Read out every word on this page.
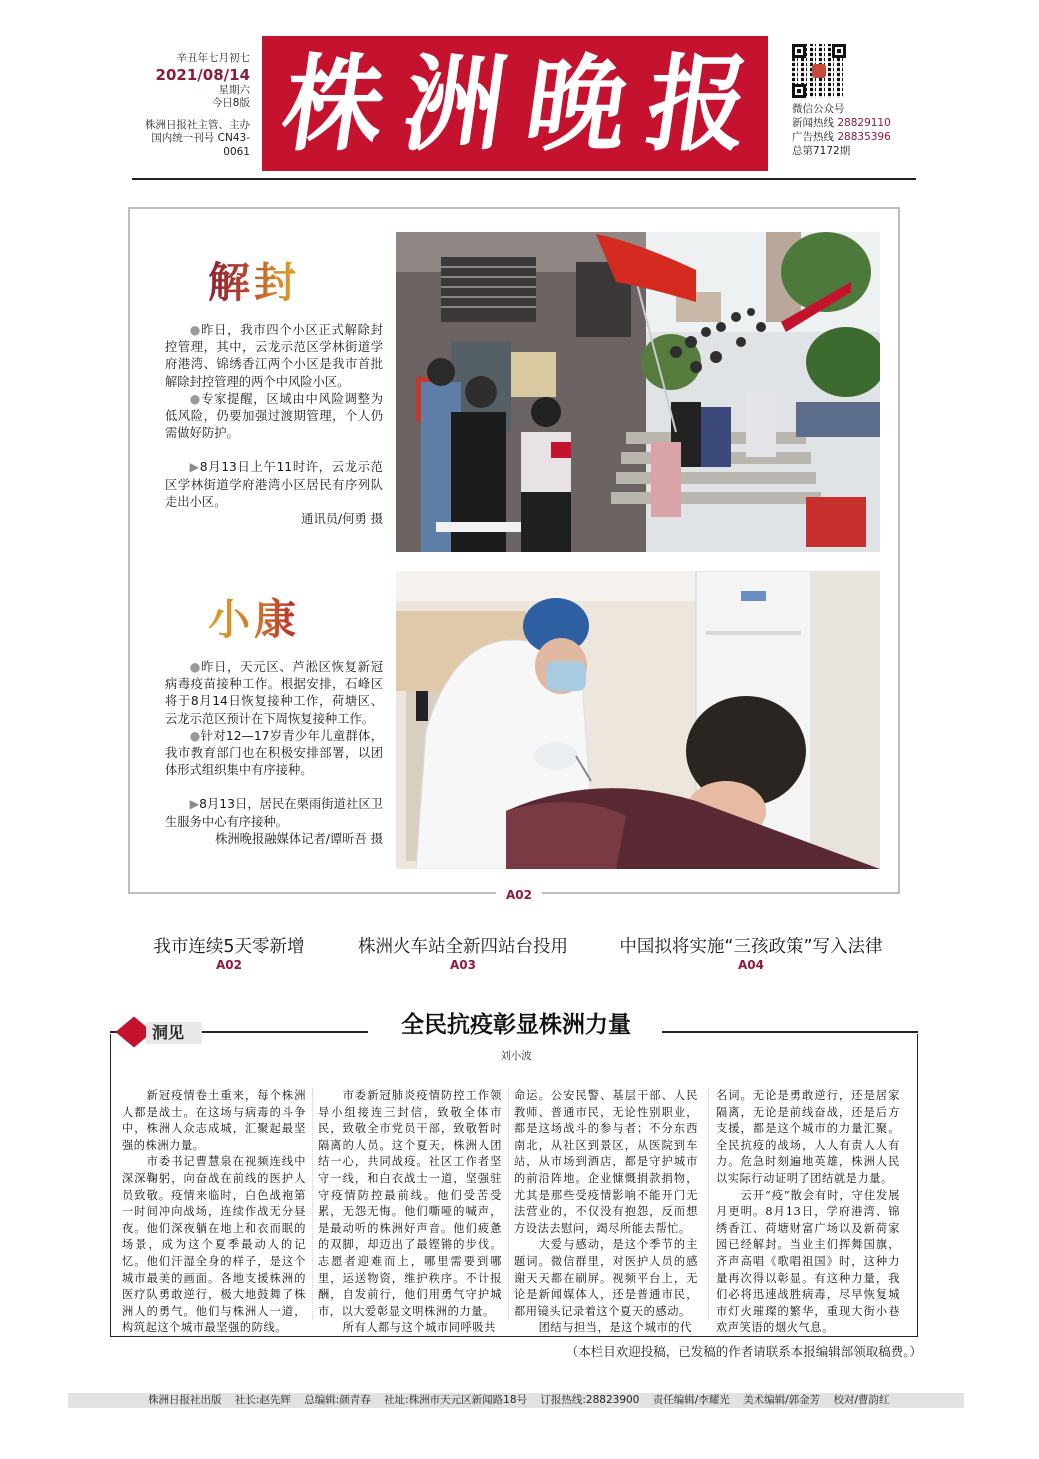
辛丑年七月初七
2021/08/14
星期六
今日8版
株洲日报社主管、主办
国内统一刊号 CN43-0061 株 洲 晚 报	微信公众号
新闻热线 28829110
广告热线 28835396
总第7172期
A02
解封

●昨日，我市四个小区正式解除封控管理，其中，云龙示范区学林街道学府港湾、锦绣香江两个小区是我市首批解除封控管理的两个中风险小区。

●专家提醒，区域由中风险调整为低风险，仍要加强过渡期管理，个人仍需做好防护。

▶8月13日上午11时许，云龙示范区学林街道学府港湾小区居民有序列队走出小区。

通讯员/何勇 摄

小康

●昨日，天元区、芦淞区恢复新冠病毒疫苗接种工作。根据安排，石峰区将于8月14日恢复接种工作，荷塘区、云龙示范区预计在下周恢复接种工作。

●针对12—17岁青少年儿童群体，我市教育部门也在积极安排部署，以团体形式组织集中有序接种。

▶8月13日，居民在栗雨街道社区卫生服务中心有序接种。

株洲晚报融媒体记者/谭昕吾 摄

我市连续5天零新增
A02
株洲火车站全新四站台投用
A03
中国拟将实施“三孩政策”写入法律
A04
洞见	全民抗疫彰显株洲力量
刘小波

新冠疫情卷土重来，每个株洲人都是战士。在这场与病毒的斗争中，株洲人众志成城，汇聚起最坚强的株洲力量。

市委书记曹慧泉在视频连线中深深鞠躬，向奋战在前线的医护人员致敬。疫情来临时，白色战袍第一时间冲向战场，连续作战无分昼夜。他们深夜躺在地上和衣而眠的场景，成为这个夏季最动人的记忆。他们汗湿全身的样子，是这个城市最美的画面。各地支援株洲的医疗队勇敢逆行，极大地鼓舞了株洲人的勇气。他们与株洲人一道，构筑起这个城市最坚强的防线。

市委新冠肺炎疫情防控工作领导小组接连三封信，致敬全体市民，致敬全市党员干部，致敬暂时隔离的人员。这个夏天，株洲人团结一心，共同战疫。社区工作者坚守一线，和白衣战士一道，坚强驻守疫情防控最前线。他们受苦受累，无怨无悔。他们嘶哑的喊声，是最动听的株洲好声音。他们疲惫的双脚，却迈出了最铿锵的步伐。志愿者迎难而上，哪里需要到哪里，运送物资，维护秩序。不计报酬，自发前行，他们用勇气守护城市，以大爱彰显文明株洲的力量。

所有人都与这个城市同呼吸共

命运。公安民警、基层干部、人民教师、普通市民，无论性别职业，都是这场战斗的参与者；不分东西南北，从社区到景区，从医院到车站，从市场到酒店，都是守护城市的前沿阵地。企业慷慨捐款捐物，尤其是那些受疫情影响不能开门无法营业的，不仅没有抱怨，反而想方设法去慰问，竭尽所能去帮忙。

大爱与感动，是这个季节的主题词。微信群里，对医护人员的感谢天天都在刷屏。视频平台上，无论是新闻媒体人，还是普通市民，都用镜头记录着这个夏天的感动。

团结与担当，是这个城市的代

名词。无论是勇敢逆行，还是居家隔离，无论是前线奋战，还是后方支援，都是这个城市的力量汇聚。全民抗疫的战场，人人有责人人有力。危急时刻遍地英雄，株洲人民以实际行动证明了团结就是力量。

云开“疫”散会有时，守住发展月更明。8月13日，学府港湾、锦绣香江、荷塘财富广场以及新荷家园已经解封。当业主们挥舞国旗，齐声高唱《歌唱祖国》时，这种力量再次得以彰显。有这种力量，我们必将迅速战胜病毒，尽早恢复城市灯火璀璨的繁华，重现大街小巷欢声笑语的烟火气息。

（本栏目欢迎投稿，已发稿的作者请联系本报编辑部领取稿费。）
株洲日报社出版 社长:赵先辉 总编辑:颜青春 社址:株洲市天元区新闻路18号 订报热线:28823900 责任编辑/李耀光 美术编辑/郭金芳 校对/曹韵红
